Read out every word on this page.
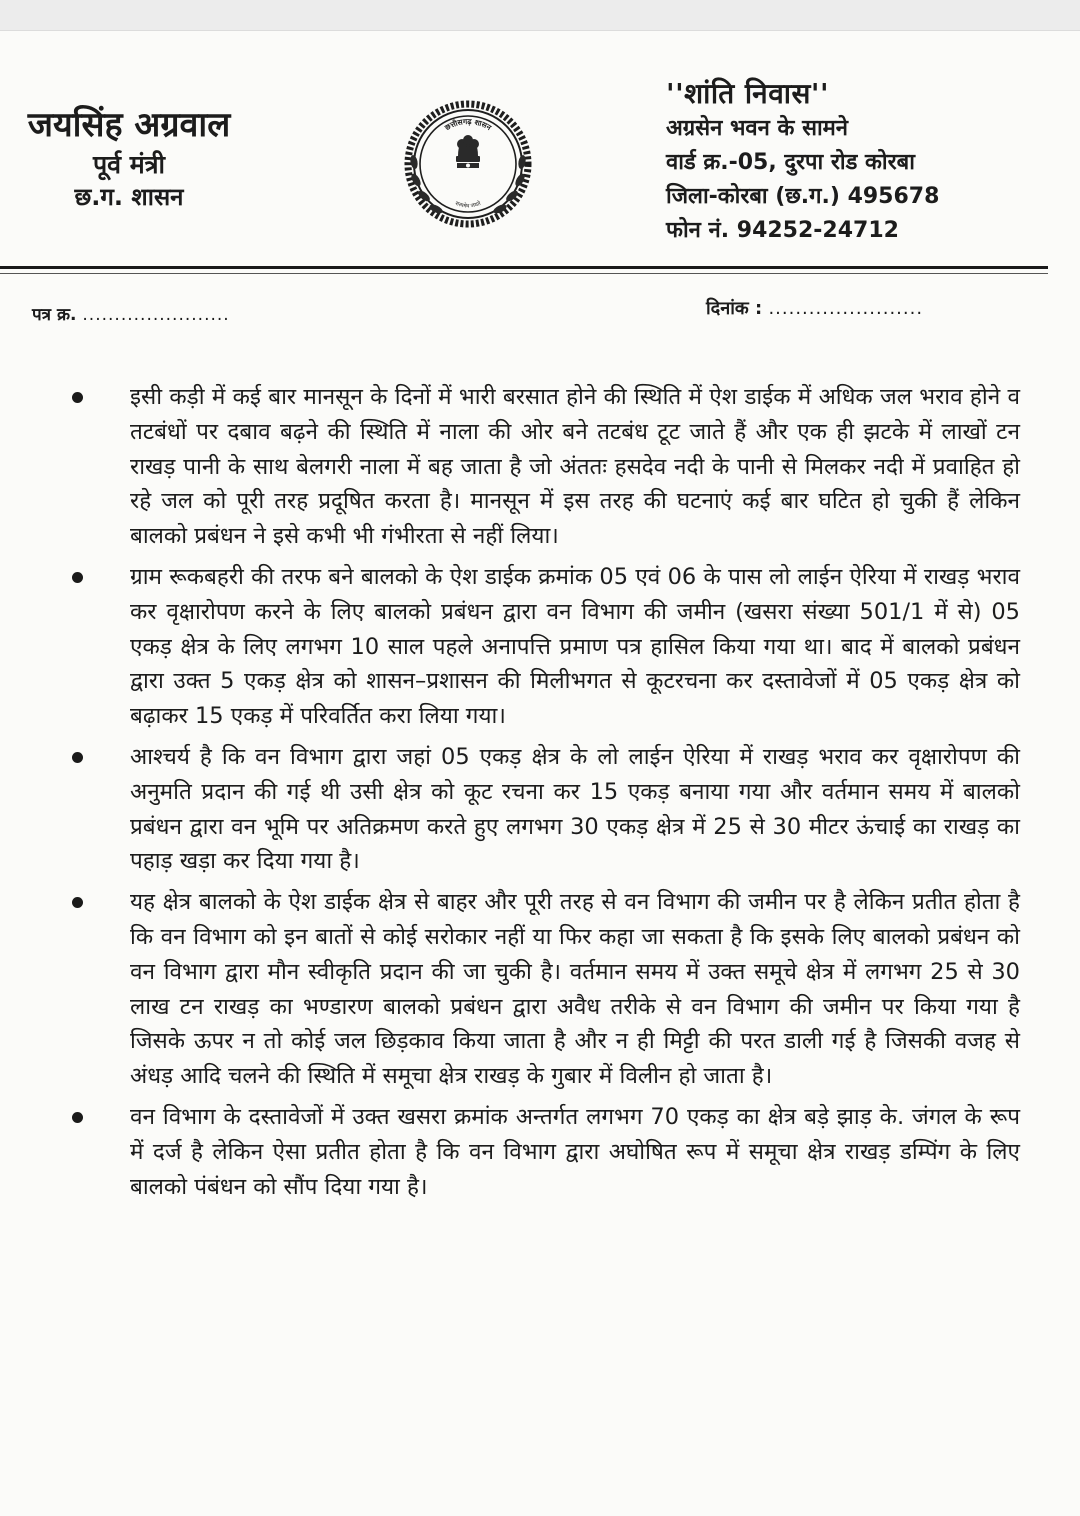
जयसिंह अग्रवाल
पूर्व मंत्री
छ.ग. शासन
छत्तीसगढ़ शासन
सत्यमेव जयते
''शांति निवास''
अग्रसेन भवन के सामने
वार्ड क्र.-05, दुरपा रोड कोरबा
जिला-कोरबा (छ.ग.) 495678
फोन नं. 94252-24712
पत्र क्र. .......................	दिनांक : .......................
इसी कड़ी में कई बार मानसून के दिनों में भारी बरसात होने की स्थिति में ऐश डाईक में अधिक जल भराव होने व तटबंधों पर दबाव बढ़ने की स्थिति में नाला की ओर बने तटबंध टूट जाते हैं और एक ही झटके में लाखों टन राखड़ पानी के साथ बेलगरी नाला में बह जाता है जो अंततः हसदेव नदी के पानी से मिलकर नदी में प्रवाहित हो रहे जल को पूरी तरह प्रदूषित करता है। मानसून में इस तरह की घटनाएं कई बार घटित हो चुकी हैं लेकिन बालको प्रबंधन ने इसे कभी भी गंभीरता से नहीं लिया।
ग्राम रूकबहरी की तरफ बने बालको के ऐश डाईक क्रमांक 05 एवं 06 के पास लो लाईन ऐरिया में राखड़ भराव कर वृक्षारोपण करने के लिए बालको प्रबंधन द्वारा वन विभाग की जमीन (खसरा संख्या 501/1 में से) 05 एकड़ क्षेत्र के लिए लगभग 10 साल पहले अनापत्ति प्रमाण पत्र हासिल किया गया था। बाद में बालको प्रबंधन द्वारा उक्त 5 एकड़ क्षेत्र को शासन–प्रशासन की मिलीभगत से कूटरचना कर दस्तावेजों में 05 एकड़ क्षेत्र को बढ़ाकर 15 एकड़ में परिवर्तित करा लिया गया।
आश्चर्य है कि वन विभाग द्वारा जहां 05 एकड़ क्षेत्र के लो लाईन ऐरिया में राखड़ भराव कर वृक्षारोपण की अनुमति प्रदान की गई थी उसी क्षेत्र को कूट रचना कर 15 एकड़ बनाया गया और वर्तमान समय में बालको प्रबंधन द्वारा वन भूमि पर अतिक्रमण करते हुए लगभग 30 एकड़ क्षेत्र में 25 से 30 मीटर ऊंचाई का राखड़ का पहाड़ खड़ा कर दिया गया है।
यह क्षेत्र बालको के ऐश डाईक क्षेत्र से बाहर और पूरी तरह से वन विभाग की जमीन पर है लेकिन प्रतीत होता है कि वन विभाग को इन बातों से कोई सरोकार नहीं या फिर कहा जा सकता है कि इसके लिए बालको प्रबंधन को वन विभाग द्वारा मौन स्वीकृति प्रदान की जा चुकी है। वर्तमान समय में उक्त समूचे क्षेत्र में लगभग 25 से 30 लाख टन राखड़ का भण्डारण बालको प्रबंधन द्वारा अवैध तरीके से वन विभाग की जमीन पर किया गया है जिसके ऊपर न तो कोई जल छिड़काव किया जाता है और न ही मिट्टी की परत डाली गई है जिसकी वजह से अंधड़ आदि चलने की स्थिति में समूचा क्षेत्र राखड़ के गुबार में विलीन हो जाता है।
वन विभाग के दस्तावेजों में उक्त खसरा क्रमांक अन्तर्गत लगभग 70 एकड़ का क्षेत्र बड़े झाड़ के. जंगल के रूप में दर्ज है लेकिन ऐसा प्रतीत होता है कि वन विभाग द्वारा अघोषित रूप में समूचा क्षेत्र राखड़ डम्पिंग के लिए बालको पंबंधन को सौंप दिया गया है।
